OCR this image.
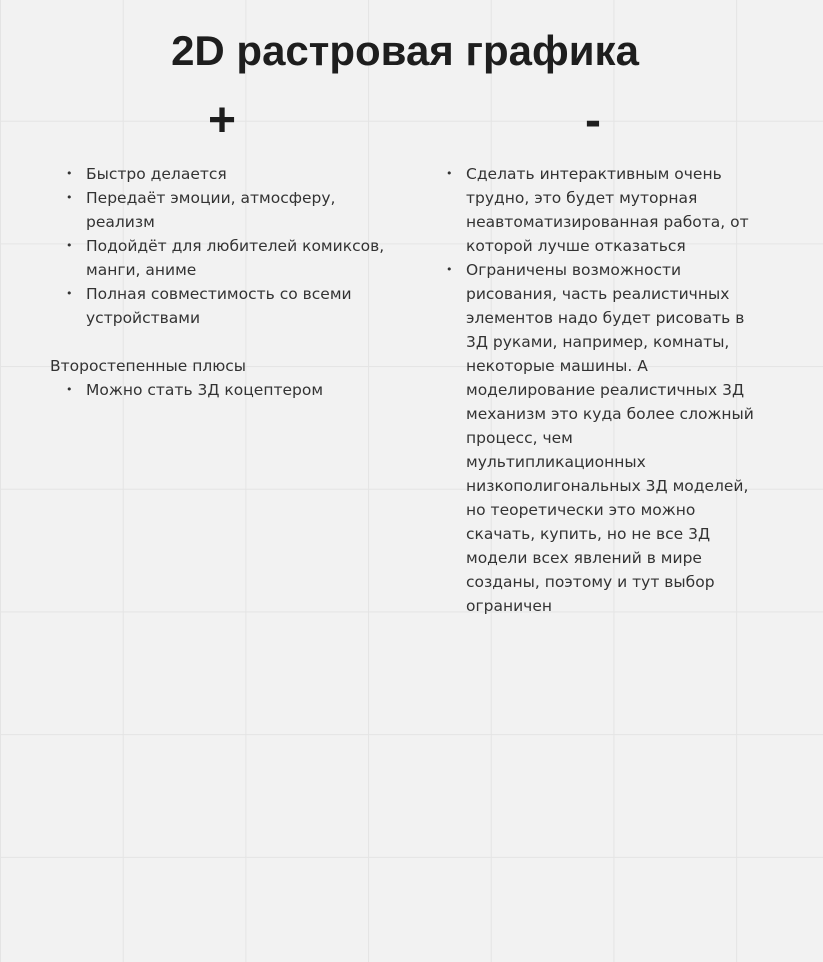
2D растровая графика
+	-
• Быстро делается
• Передаёт эмоции, атмосферу, реализм
• Подойдёт для любителей комиксов, манги, аниме
• Полная совместимость со всеми устройствами
Второстепенные плюсы
• Можно стать 3Д коцептером
• Сделать интерактивным очень трудно, это будет муторная неавтоматизированная работа, от которой лучше отказаться
• Ограничены возможности рисования, часть реалистичных элементов надо будет рисовать в 3Д руками, например, комнаты, некоторые машины. А моделирование реалистичных 3Д механизм это куда более сложный процесс, чем мультипликационных низкополигональных 3Д моделей, но теоретически это можно скачать, купить, но не все 3Д модели всех явлений в мире созданы, поэтому и тут выбор ограничен
